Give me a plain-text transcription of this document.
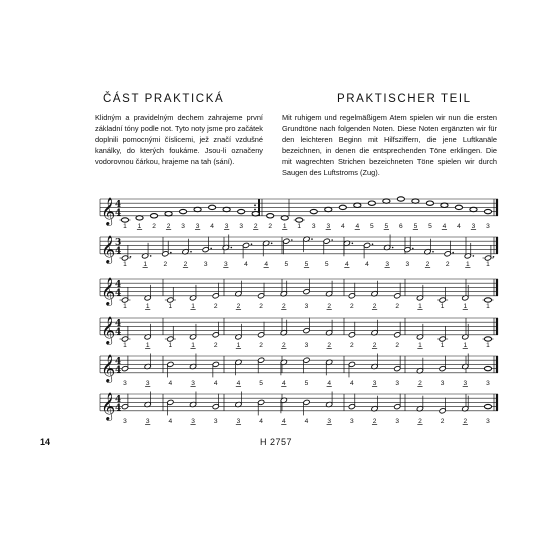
ČÁST PRAKTICKÁ	PRAKTISCHER TEIL
Klidným a pravidelným dechem zahrajeme první základní tóny podle not. Tyto noty jsme pro začátek doplnili pomocnými číslicemi, jež značí vzdušné kanálky, do kterých foukáme. Jsou-li označeny vodorovnou čárkou, hrajeme na tah (sání).
Mit ruhigem und regelmäßigem Atem spielen wir nun die ersten Grundtöne nach folgenden Noten. Diese Noten ergänzten wir für den leichteren Beginn mit Hilfsziffern, die jene Luftkanäle bezeichnen, in denen die entsprechenden Töne erklingen. Die mit wagrechten Strichen bezeichneten Töne spielen wir durch Saugen des Luftstroms (Zug).
𝄞 4
4
1 1 2 2 3 3 4 3 3 2 2 1 1 3 3 4 4 5 5 6 5 5 4 4 3 3
𝄞 3
4
1 1 2 2 3 3 4 4 5 5 5 4 4 3 3 2 2 1 1
𝄞 4
4
1	1	1	1	2	2	2	2	3	2	2	2	2	1	1	1	1
𝄞 4
4
1	1	1	1	2	1	2	2	3	2	2	2	2	1	1	1	1
𝄞 4
4
3	3	4	3	4	4	5	4	5	4	4	3	3	2	3	3	3
𝄞 4
4
3	3	4	3	3	3	4	4	4	3	3	2	3	2	2	2	3
14	H 2757
